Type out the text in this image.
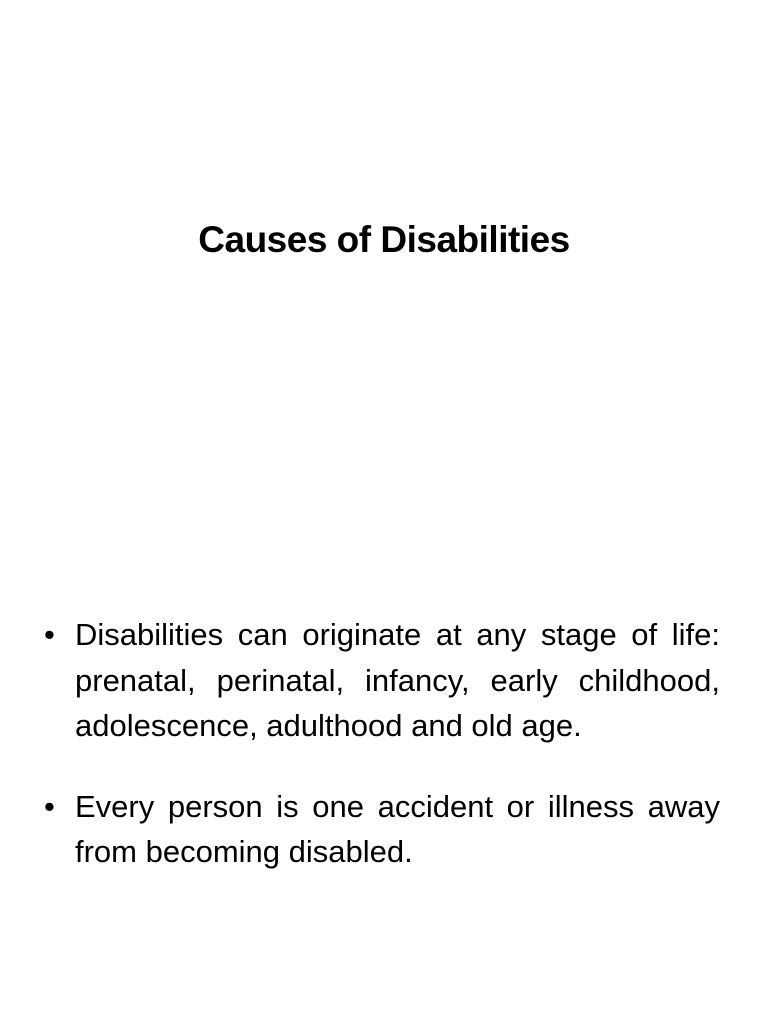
Causes of Disabilities
• Disabilities can originate at any stage of life: prenatal, perinatal, infancy, early childhood, adolescence, adulthood and old age.
• Every person is one accident or illness away from becoming disabled.
